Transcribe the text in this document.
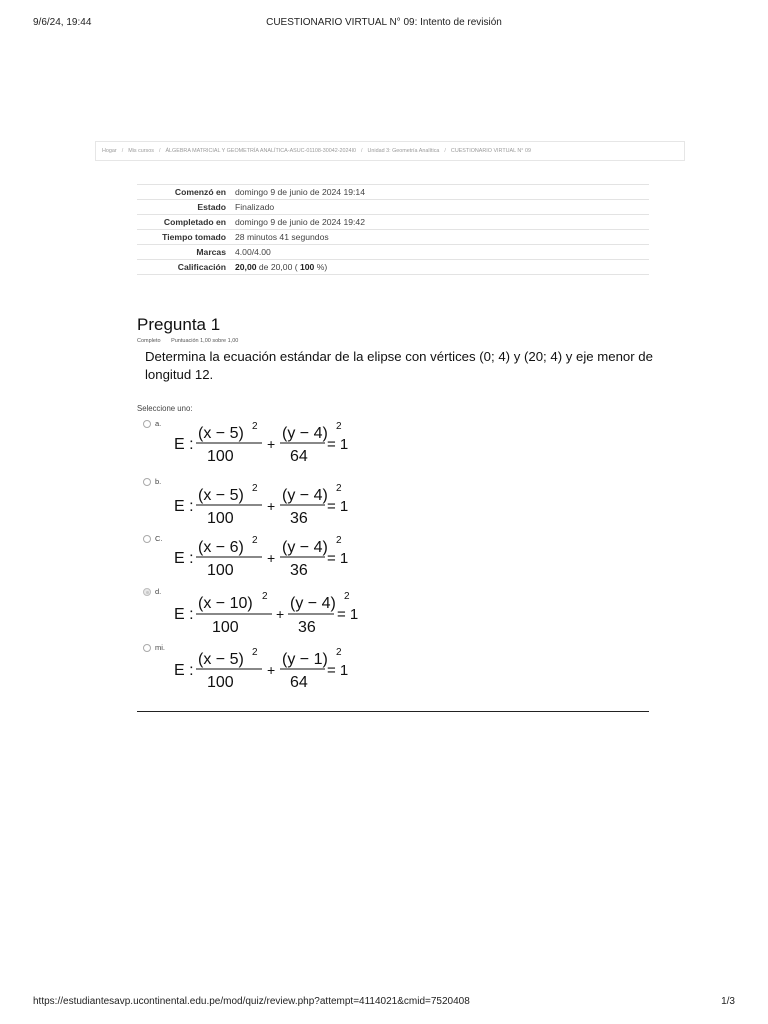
9/6/24, 19:44	CUESTIONARIO VIRTUAL N° 09: Intento de revisión
Hogar / Mis cursos / ÁLGEBRA MATRICIAL Y GEOMETRÍA ANALÍTICA-ASUC-01108-30042-2024I0 / Unidad 3: Geometría Analítica / CUESTIONARIO VIRTUAL N° 09
Comenzó en	domingo 9 de junio de 2024 19:14
Estado	Finalizado
Completado en	domingo 9 de junio de 2024 19:42
Tiempo tomado	28 minutos 41 segundos
Marcas	4.00/4.00
Calificación	20,00 de 20,00 ( 100 %)
Pregunta 1
Completo Puntuación 1,00 sobre 1,00
Determina la ecuación estándar de la elipse con vértices (0; 4) y (20; 4) y eje menor de longitud 12.
Seleccione uno:
a.
E :
(x − 5) 2
100
+
(y − 4) 2
64
= 1
b.
E :
(x − 5) 2
100
+
(y − 4) 2
36
= 1
C.
E :
(x − 6) 2
100
+
(y − 4) 2
36
= 1
d.
E :
(x − 10) 2
100
+
(y − 4) 2
36
= 1
mi.
E :
(x − 5) 2
100
+
(y − 1) 2
64
= 1
https://estudiantesavp.ucontinental.edu.pe/mod/quiz/review.php?attempt=4114021&cmid=7520408	1/3
